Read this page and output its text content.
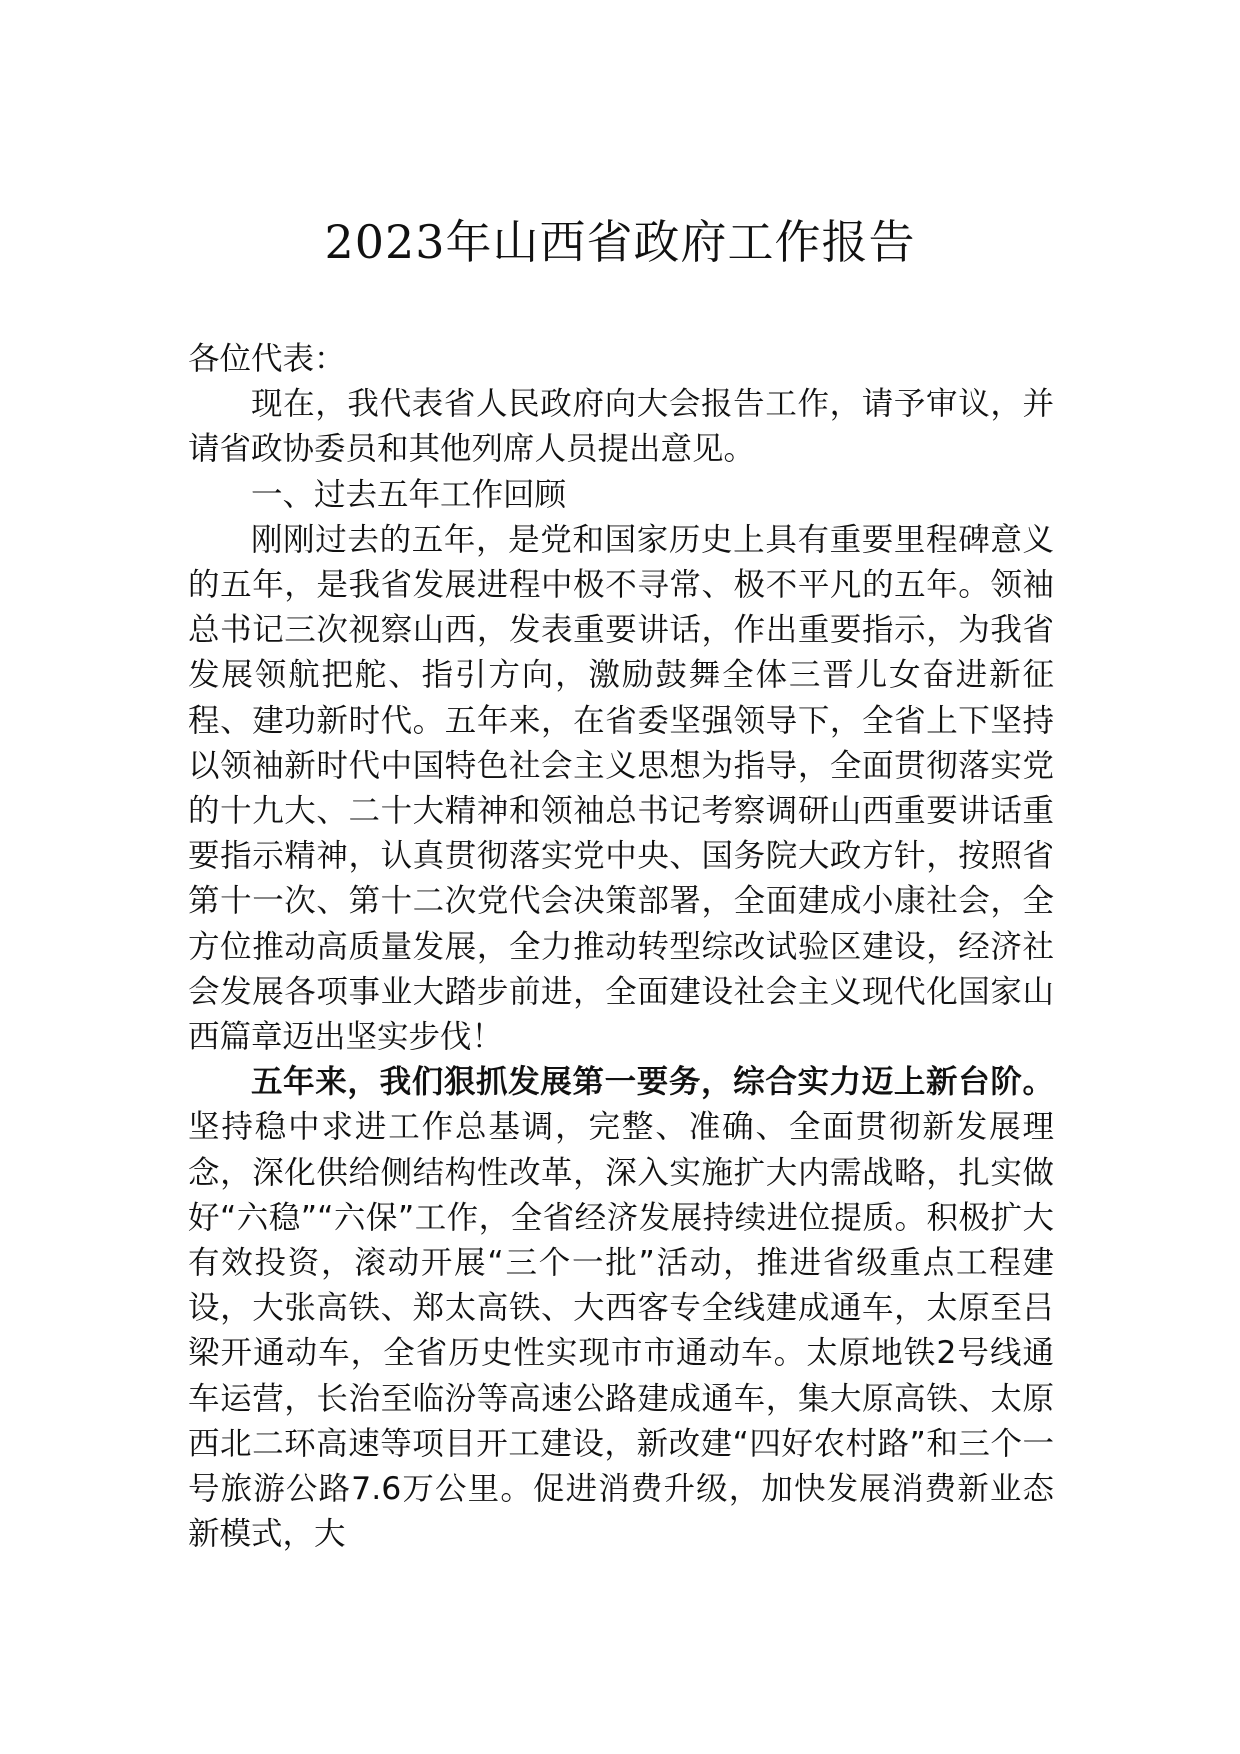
2023年山西省政府工作报告

各位代表：

现在，我代表省人民政府向大会报告工作，请予审议，并请省政协委员和其他列席人员提出意见。

一、过去五年工作回顾

刚刚过去的五年，是党和国家历史上具有重要里程碑意义的五年，是我省发展进程中极不寻常、极不平凡的五年。领袖总书记三次视察山西，发表重要讲话，作出重要指示，为我省发展领航把舵、指引方向，激励鼓舞全体三晋儿女奋进新征程、建功新时代。五年来，在省委坚强领导下，全省上下坚持以领袖新时代中国特色社会主义思想为指导，全面贯彻落实党的十九大、二十大精神和领袖总书记考察调研山西重要讲话重要指示精神，认真贯彻落实党中央、国务院大政方针，按照省第十一次、第十二次党代会决策部署，全面建成小康社会，全方位推动高质量发展，全力推动转型综改试验区建设，经济社会发展各项事业大踏步前进，全面建设社会主义现代化国家山西篇章迈出坚实步伐！

五年来，我们狠抓发展第一要务，综合实力迈上新台阶。坚持稳中求进工作总基调，完整、准确、全面贯彻新发展理念，深化供给侧结构性改革，深入实施扩大内需战略，扎实做好“六稳”“六保”工作，全省经济发展持续进位提质。积极扩大有效投资，滚动开展“三个一批”活动，推进省级重点工程建设，大张高铁、郑太高铁、大西客专全线建成通车，太原至吕梁开通动车，全省历史性实现市市通动车。太原地铁2号线通车运营，长治至临汾等高速公路建成通车，集大原高铁、太原西北二环高速等项目开工建设，新改建“四好农村路”和三个一号旅游公路7.6万公里。促进消费升级，加快发展消费新业态新模式，大
